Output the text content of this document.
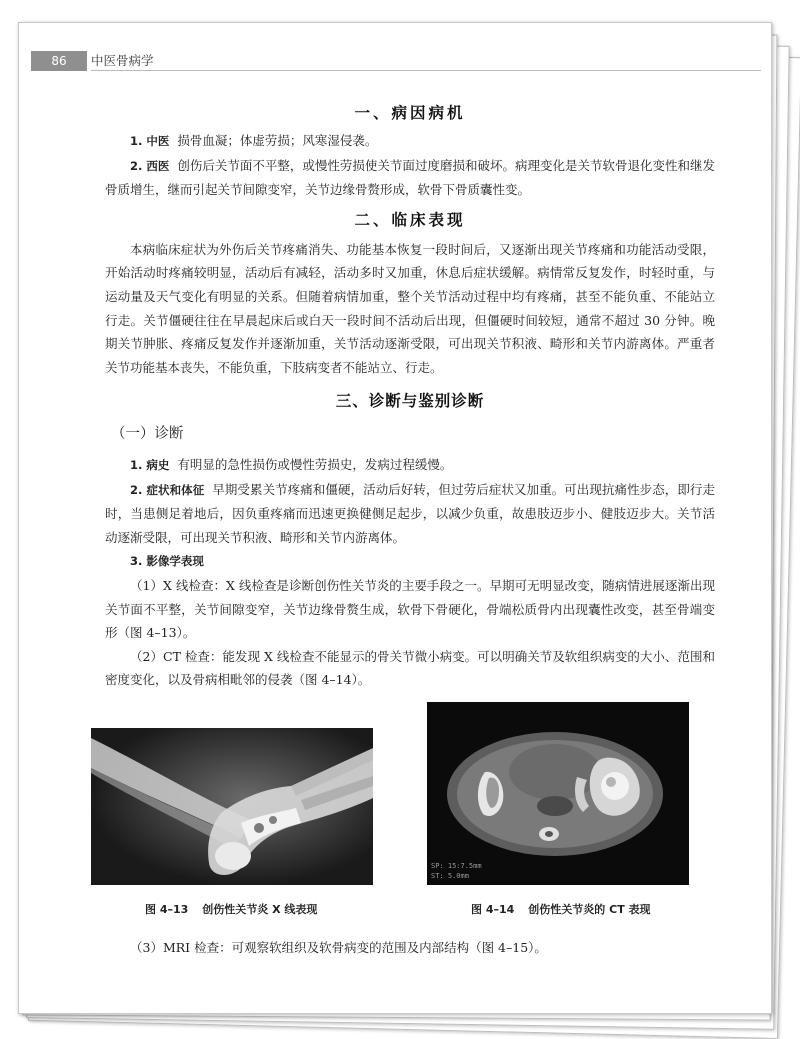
86	中医骨病学
一、病因病机

1. 中医 损骨血凝；体虚劳损；风寒湿侵袭。

2. 西医 创伤后关节面不平整，或慢性劳损使关节面过度磨损和破坏。病理变化是关节软骨退化变性和继发骨质增生，继而引起关节间隙变窄，关节边缘骨赘形成，软骨下骨质囊性变。

二、临床表现

本病临床症状为外伤后关节疼痛消失、功能基本恢复一段时间后，又逐渐出现关节疼痛和功能活动受限，开始活动时疼痛较明显，活动后有减轻，活动多时又加重，休息后症状缓解。病情常反复发作，时轻时重，与运动量及天气变化有明显的关系。但随着病情加重，整个关节活动过程中均有疼痛，甚至不能负重、不能站立行走。关节僵硬往往在早晨起床后或白天一段时间不活动后出现，但僵硬时间较短，通常不超过 30 分钟。晚期关节肿胀、疼痛反复发作并逐渐加重，关节活动逐渐受限，可出现关节积液、畸形和关节内游离体。严重者关节功能基本丧失，不能负重，下肢病变者不能站立、行走。

三、诊断与鉴别诊断
（一）诊断

1. 病史 有明显的急性损伤或慢性劳损史，发病过程缓慢。

2. 症状和体征 早期受累关节疼痛和僵硬，活动后好转，但过劳后症状又加重。可出现抗痛性步态，即行走时，当患侧足着地后，因负重疼痛而迅速更换健侧足起步，以减少负重，故患肢迈步小、健肢迈步大。关节活动逐渐受限，可出现关节积液、畸形和关节内游离体。

3. 影像学表现

（1）X 线检查：X 线检查是诊断创伤性关节炎的主要手段之一。早期可无明显改变，随病情进展逐渐出现关节面不平整，关节间隙变窄，关节边缘骨赘生成，软骨下骨硬化，骨端松质骨内出现囊性改变，甚至骨端变形（图 4–13）。

（2）CT 检查：能发现 X 线检查不能显示的骨关节微小病变。可以明确关节及软组织病变的大小、范围和密度变化，以及骨病相毗邻的侵袭（图 4–14）。

SP: 15:7.5mm
ST: 5.0mm
图 4–13 创伤性关节炎 X 线表现	图 4–14 创伤性关节炎的 CT 表现

（3）MRI 检查：可观察软组织及软骨病变的范围及内部结构（图 4–15）。
